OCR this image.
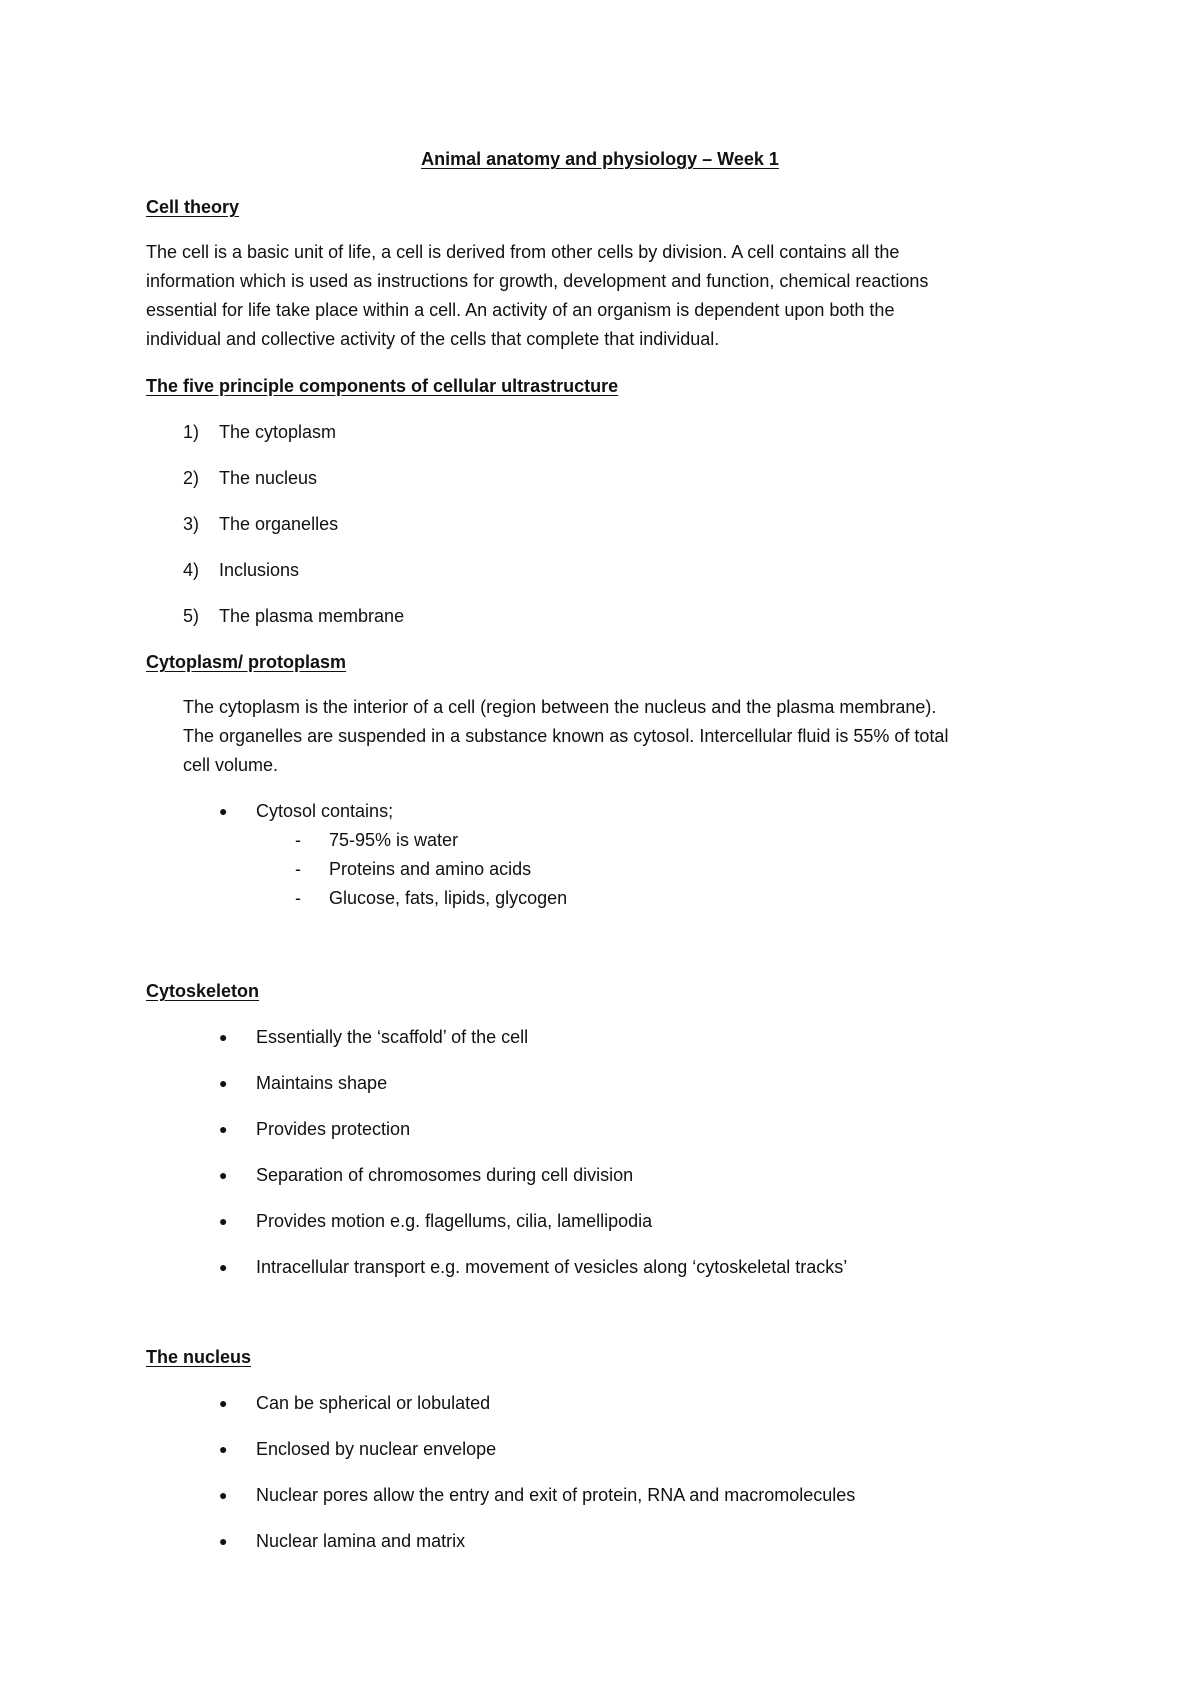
Animal anatomy and physiology – Week 1
Cell theory
The cell is a basic unit of life, a cell is derived from other cells by division. A cell contains all the
information which is used as instructions for growth, development and function, chemical reactions
essential for life take place within a cell. An activity of an organism is dependent upon both the
individual and collective activity of the cells that complete that individual.
The five principle components of cellular ultrastructure
1) The cytoplasm
2) The nucleus
3) The organelles
4) Inclusions
5) The plasma membrane
Cytoplasm/ protoplasm
The cytoplasm is the interior of a cell (region between the nucleus and the plasma membrane).
The organelles are suspended in a substance known as cytosol. Intercellular fluid is 55% of total
cell volume.
● Cytosol contains;
- 75-95% is water
- Proteins and amino acids
- Glucose, fats, lipids, glycogen
Cytoskeleton
● Essentially the ‘scaffold’ of the cell
● Maintains shape
● Provides protection
● Separation of chromosomes during cell division
● Provides motion e.g. flagellums, cilia, lamellipodia
● Intracellular transport e.g. movement of vesicles along ‘cytoskeletal tracks’
The nucleus
● Can be spherical or lobulated
● Enclosed by nuclear envelope
● Nuclear pores allow the entry and exit of protein, RNA and macromolecules
● Nuclear lamina and matrix
